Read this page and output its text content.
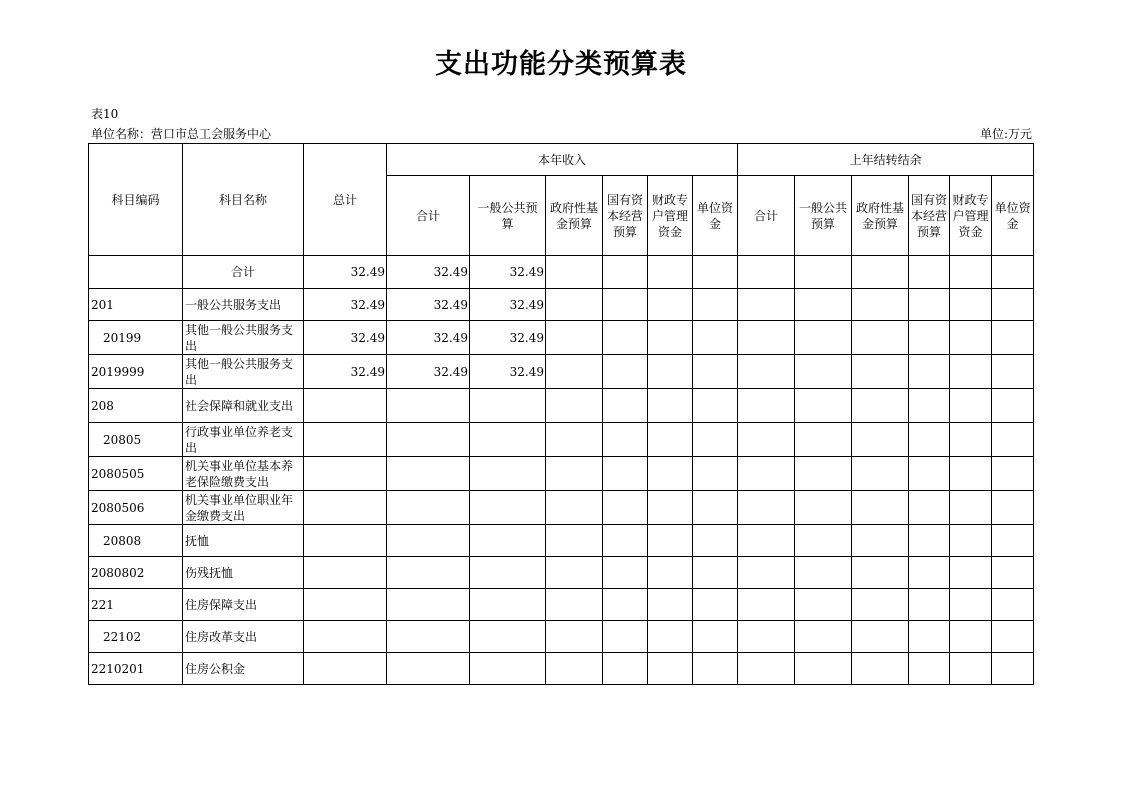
支出功能分类预算表
表10
单位名称：营口市总工会服务中心	单位:万元
科目编码	科目名称	总计	本年收入						上年结转结余					
			合计	一般公共预算	政府性基金预算	国有资本经营预算	财政专户管理资金	单位资金	合计	一般公共预算	政府性基金预算	国有资本经营预算	财政专户管理资金	单位资金
	合计	32.49	32.49	32.49										
201	一般公共服务支出	32.49	32.49	32.49										
20199	其他一般公共服务支出	32.49	32.49	32.49										
2019999	其他一般公共服务支出	32.49	32.49	32.49										
208	社会保障和就业支出													
20805	行政事业单位养老支出													
2080505	机关事业单位基本养老保险缴费支出													
2080506	机关事业单位职业年金缴费支出													
20808	抚恤													
2080802	伤残抚恤													
221	住房保障支出													
22102	住房改革支出													
2210201	住房公积金													
